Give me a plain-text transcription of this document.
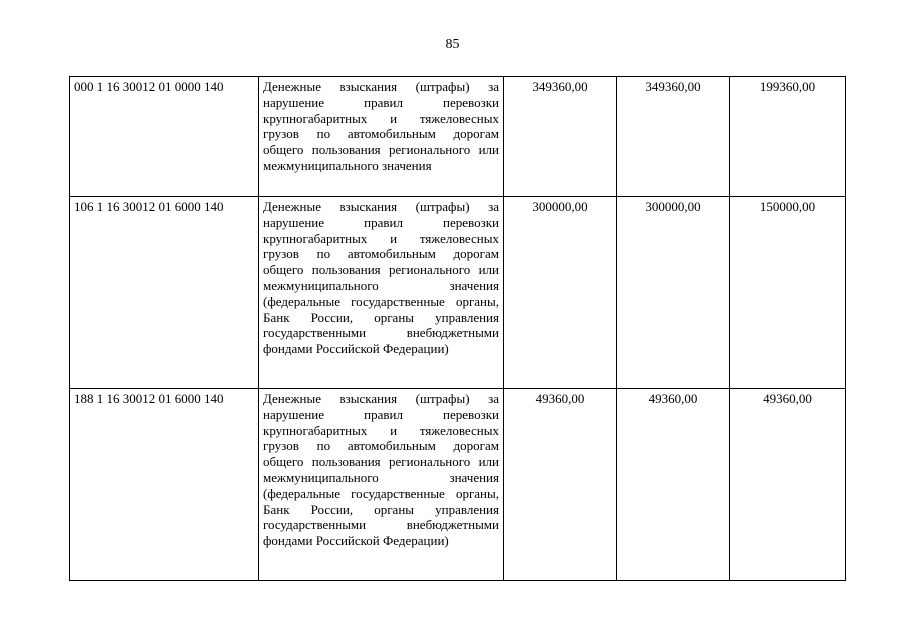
85
000 1 16 30012 01 0000 140	Денежные взыскания (штрафы) за нарушение правил перевозки крупногабаритных и тяжеловесных грузов по автомобильным дорогам общего пользования регионального или межмуниципального значения	349360,00	349360,00	199360,00
106 1 16 30012 01 6000 140	Денежные взыскания (штрафы) за нарушение правил перевозки крупногабаритных и тяжеловесных грузов по автомобильным дорогам общего пользования регионального или межмуниципального значения (федеральные государственные органы, Банк России, органы управления государственными внебюджетными фондами Российской Федерации)	300000,00	300000,00	150000,00
188 1 16 30012 01 6000 140	Денежные взыскания (штрафы) за нарушение правил перевозки крупногабаритных и тяжеловесных грузов по автомобильным дорогам общего пользования регионального или межмуниципального значения (федеральные государственные органы, Банк России, органы управления государственными внебюджетными фондами Российской Федерации)	49360,00	49360,00	49360,00
